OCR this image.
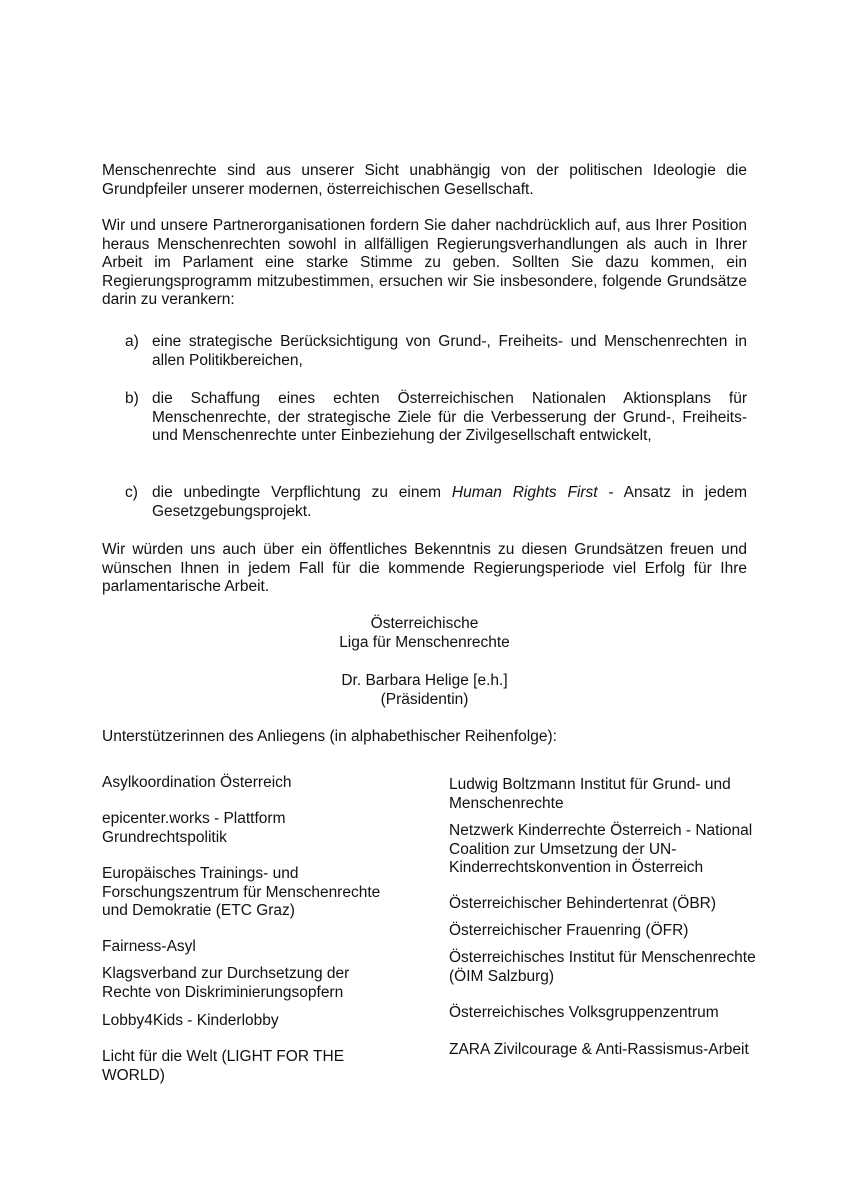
Menschenrechte sind aus unserer Sicht unabhängig von der politischen Ideologie die Grundpfeiler unserer modernen, österreichischen Gesellschaft.

Wir und unsere Partnerorganisationen fordern Sie daher nachdrücklich auf, aus Ihrer Position heraus Menschenrechten sowohl in allfälligen Regierungsverhandlungen als auch in Ihrer Arbeit im Parlament eine starke Stimme zu geben. Sollten Sie dazu kommen, ein Regierungsprogramm mitzubestimmen, ersuchen wir Sie insbesondere, folgende Grundsätze darin zu verankern:

a) eine strategische Berücksichtigung von Grund-, Freiheits- und Menschenrechten in allen Politikbereichen,
b) die Schaffung eines echten Österreichischen Nationalen Aktionsplans für Menschenrechte, der strategische Ziele für die Verbesserung der Grund-, Freiheits- und Menschenrechte unter Einbeziehung der Zivilgesellschaft entwickelt,
c) die unbedingte Verpflichtung zu einem Human Rights First - Ansatz in jedem Gesetzgebungsprojekt.

Wir würden uns auch über ein öffentliches Bekenntnis zu diesen Grundsätzen freuen und wünschen Ihnen in jedem Fall für die kommende Regierungsperiode viel Erfolg für Ihre parlamentarische Arbeit.

Österreichische
Liga für Menschenrechte
Dr. Barbara Helige [e.h.]
(Präsidentin)
Unterstützerinnen des Anliegens (in alphabethischer Reihenfolge):
Asylkoordination Österreich
epicenter.works - Plattform Grundrechtspolitik
Europäisches Trainings- und Forschungszentrum für Menschenrechte und Demokratie (ETC Graz)
Fairness-Asyl
Klagsverband zur Durchsetzung der Rechte von Diskriminierungsopfern
Lobby4Kids - Kinderlobby
Licht für die Welt (LIGHT FOR THE WORLD)
Ludwig Boltzmann Institut für Grund- und Menschenrechte
Netzwerk Kinderrechte Österreich - National Coalition zur Umsetzung der UN-Kinderrechtskonvention in Österreich
Österreichischer Behindertenrat (ÖBR)
Österreichischer Frauenring (ÖFR)
Österreichisches Institut für Menschenrechte (ÖIM Salzburg)
Österreichisches Volksgruppenzentrum
ZARA Zivilcourage & Anti-Rassismus-Arbeit
